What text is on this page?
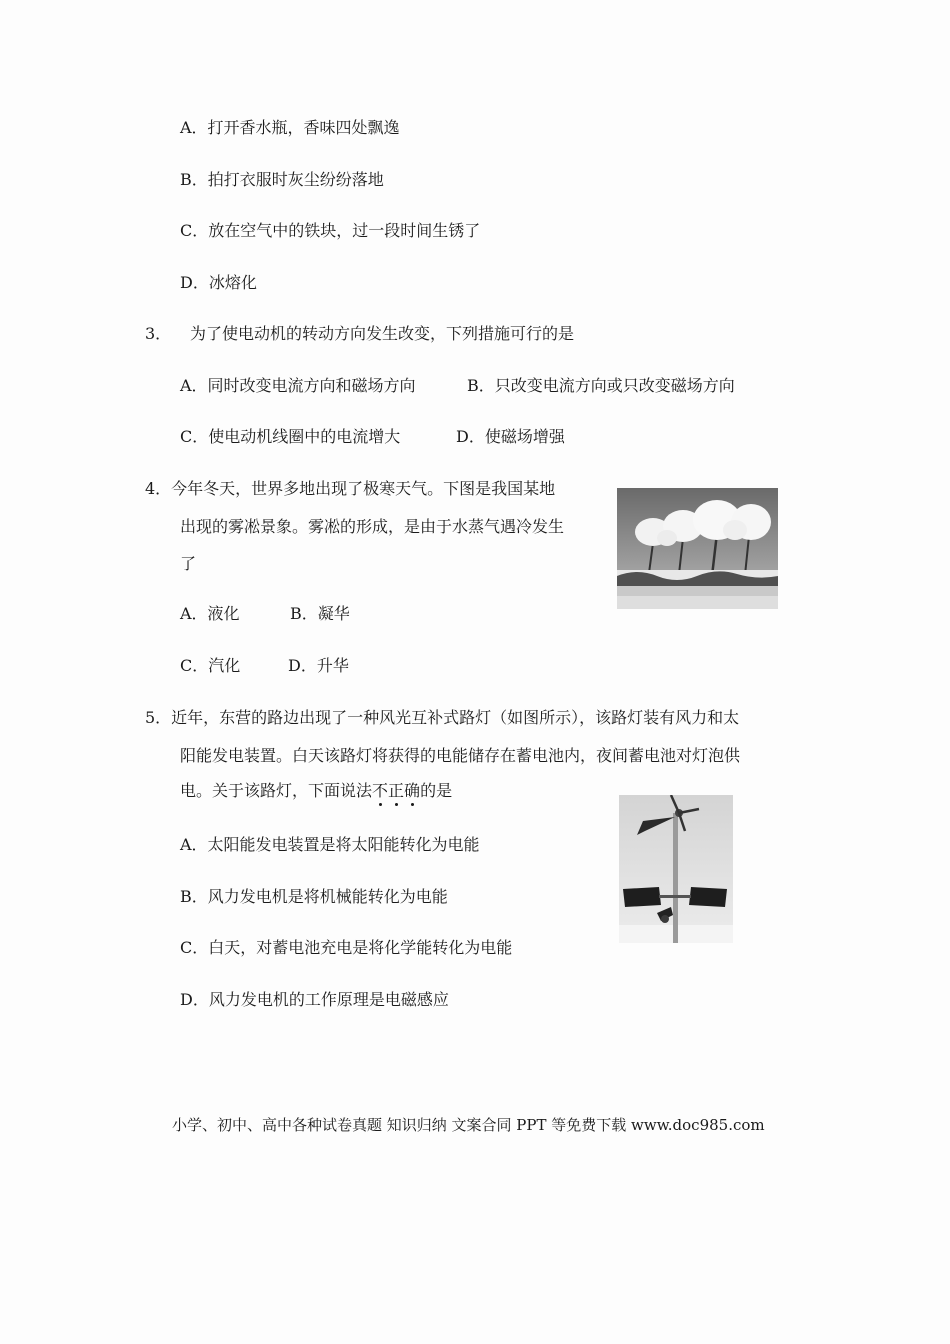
A．打开香水瓶，香味四处飘逸
B．拍打衣服时灰尘纷纷落地
C．放在空气中的铁块，过一段时间生锈了
D．冰熔化
3． 为了使电动机的转动方向发生改变，下列措施可行的是
A．同时改变电流方向和磁场方向	B．只改变电流方向或只改变磁场方向
C．使电动机线圈中的电流增大	D．使磁场增强
4．今年冬天，世界多地出现了极寒天气。下图是我国某地
出现的雾凇景象。雾凇的形成，是由于水蒸气遇冷发生
了
A．液化	B．凝华
C．汽化	D．升华
5．近年，东营的路边出现了一种风光互补式路灯（如图所示），该路灯装有风力和太
阳能发电装置。白天该路灯将获得的电能储存在蓄电池内，夜间蓄电池对灯泡供
电。关于该路灯，下面说法不正确的是
A．太阳能发电装置是将太阳能转化为电能
B．风力发电机是将机械能转化为电能
C．白天，对蓄电池充电是将化学能转化为电能
D．风力发电机的工作原理是电磁感应
小学、初中、高中各种试卷真题 知识归纳 文案合同 PPT 等免费下载 www.doc985.com
